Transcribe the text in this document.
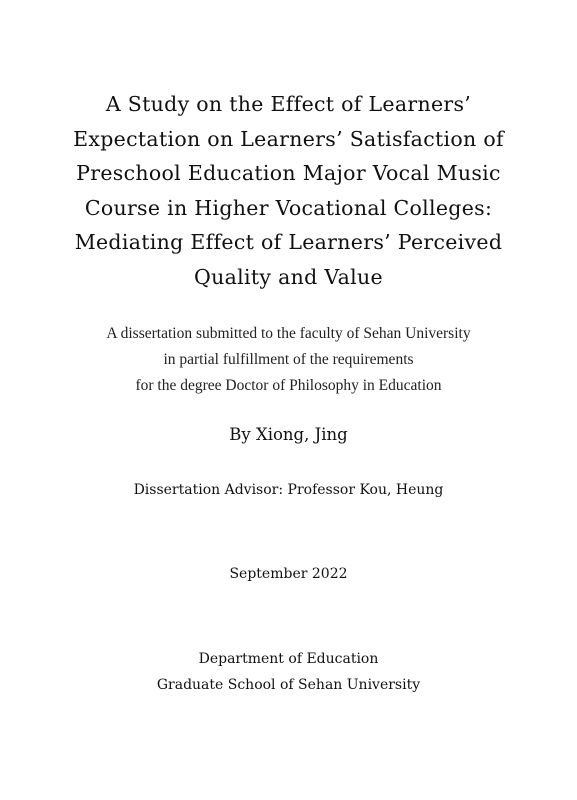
A Study on the Effect of Learners’
Expectation on Learners’ Satisfaction of
Preschool Education Major Vocal Music
Course in Higher Vocational Colleges:
Mediating Effect of Learners’ Perceived
Quality and Value
A dissertation submitted to the faculty of Sehan University
in partial fulfillment of the requirements
for the degree Doctor of Philosophy in Education
By Xiong, Jing
Dissertation Advisor: Professor Kou, Heung
September 2022
Department of Education
Graduate School of Sehan University
